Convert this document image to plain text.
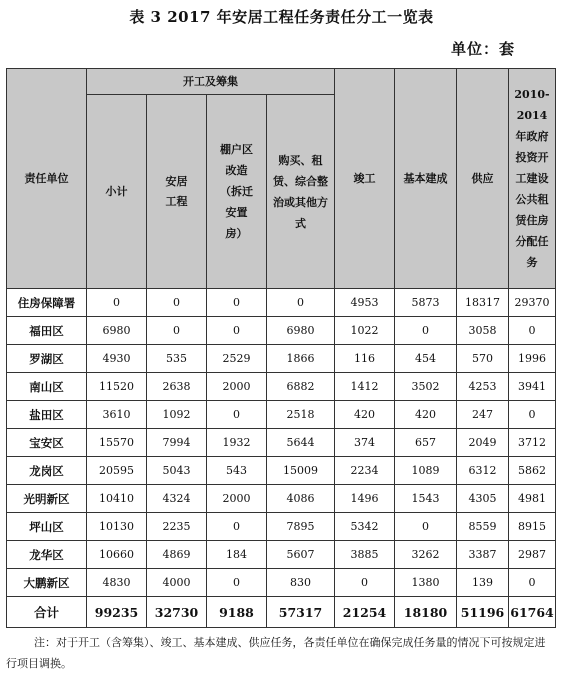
表 3 2017 年安居工程任务责任分工一览表
单位：套
责任单位	开工及筹集				竣工	基本建成	供应	2010-2014年政府投资开工建设公共租赁住房分配任务
	小计	安居工程	棚户区改造（拆迁安置房）	购买、租赁、综合整治或其他方式				
住房保障署	0	0	0	0	4953	5873	18317	29370
福田区	6980	0	0	6980	1022	0	3058	0
罗湖区	4930	535	2529	1866	116	454	570	1996
南山区	11520	2638	2000	6882	1412	3502	4253	3941
盐田区	3610	1092	0	2518	420	420	247	0
宝安区	15570	7994	1932	5644	374	657	2049	3712
龙岗区	20595	5043	543	15009	2234	1089	6312	5862
光明新区	10410	4324	2000	4086	1496	1543	4305	4981
坪山区	10130	2235	0	7895	5342	0	8559	8915
龙华区	10660	4869	184	5607	3885	3262	3387	2987
大鹏新区	4830	4000	0	830	0	1380	139	0
合计	99235	32730	9188	57317	21254	18180	51196	61764
注：对于开工（含筹集）、竣工、基本建成、供应任务，各责任单位在确保完成任务量的情况下可按规定进行项目调换。
